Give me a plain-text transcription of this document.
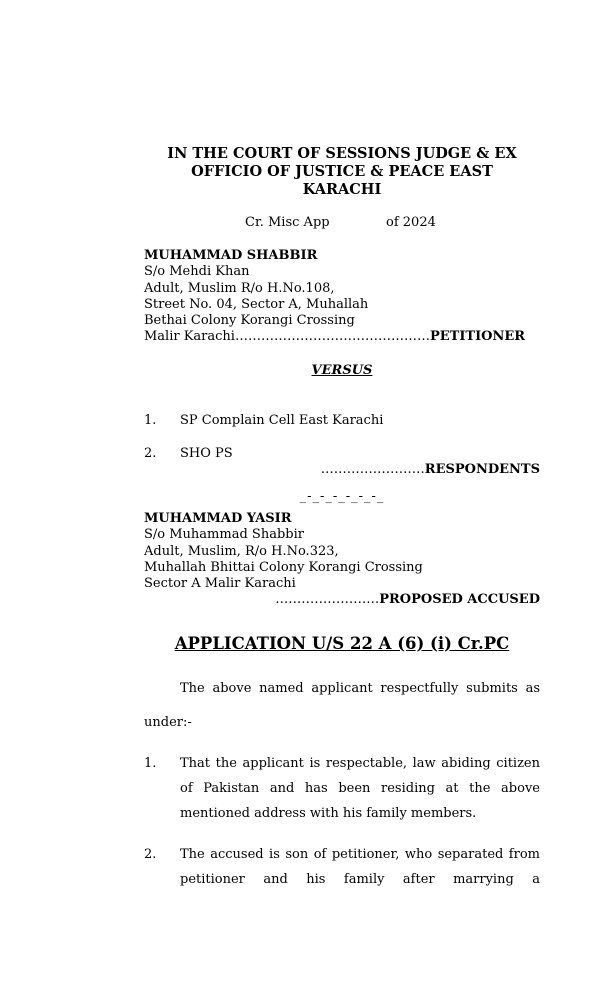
IN THE COURT OF SESSIONS JUDGE & EX
OFFICIO OF JUSTICE & PEACE EAST
KARACHI
Cr. Misc App	of 2024
MUHAMMAD SHABBIR
S/o Mehdi Khan
Adult, Muslim R/o H.No.108,
Street No. 04, Sector A, Muhallah
Bethai Colony Korangi Crossing
Malir Karachi………………………………………PETITIONER
VERSUS
1. SP Complain Cell East Karachi
2. SHO PS
……………………RESPONDENTS
_-_-_-_-_-_-_
MUHAMMAD YASIR
S/o Muhammad Shabbir
Adult, Muslim, R/o H.No.323,
Muhallah Bhittai Colony Korangi Crossing
Sector A Malir Karachi
……………………PROPOSED ACCUSED
APPLICATION U/S 22 A (6) (i) Cr.PC
The above named applicant respectfully submits as under:-
1. That the applicant is respectable, law abiding citizen of Pakistan and has been residing at the above mentioned address with his family members.
2. The accused is son of petitioner, who separated from petitioner and his family after marrying a
